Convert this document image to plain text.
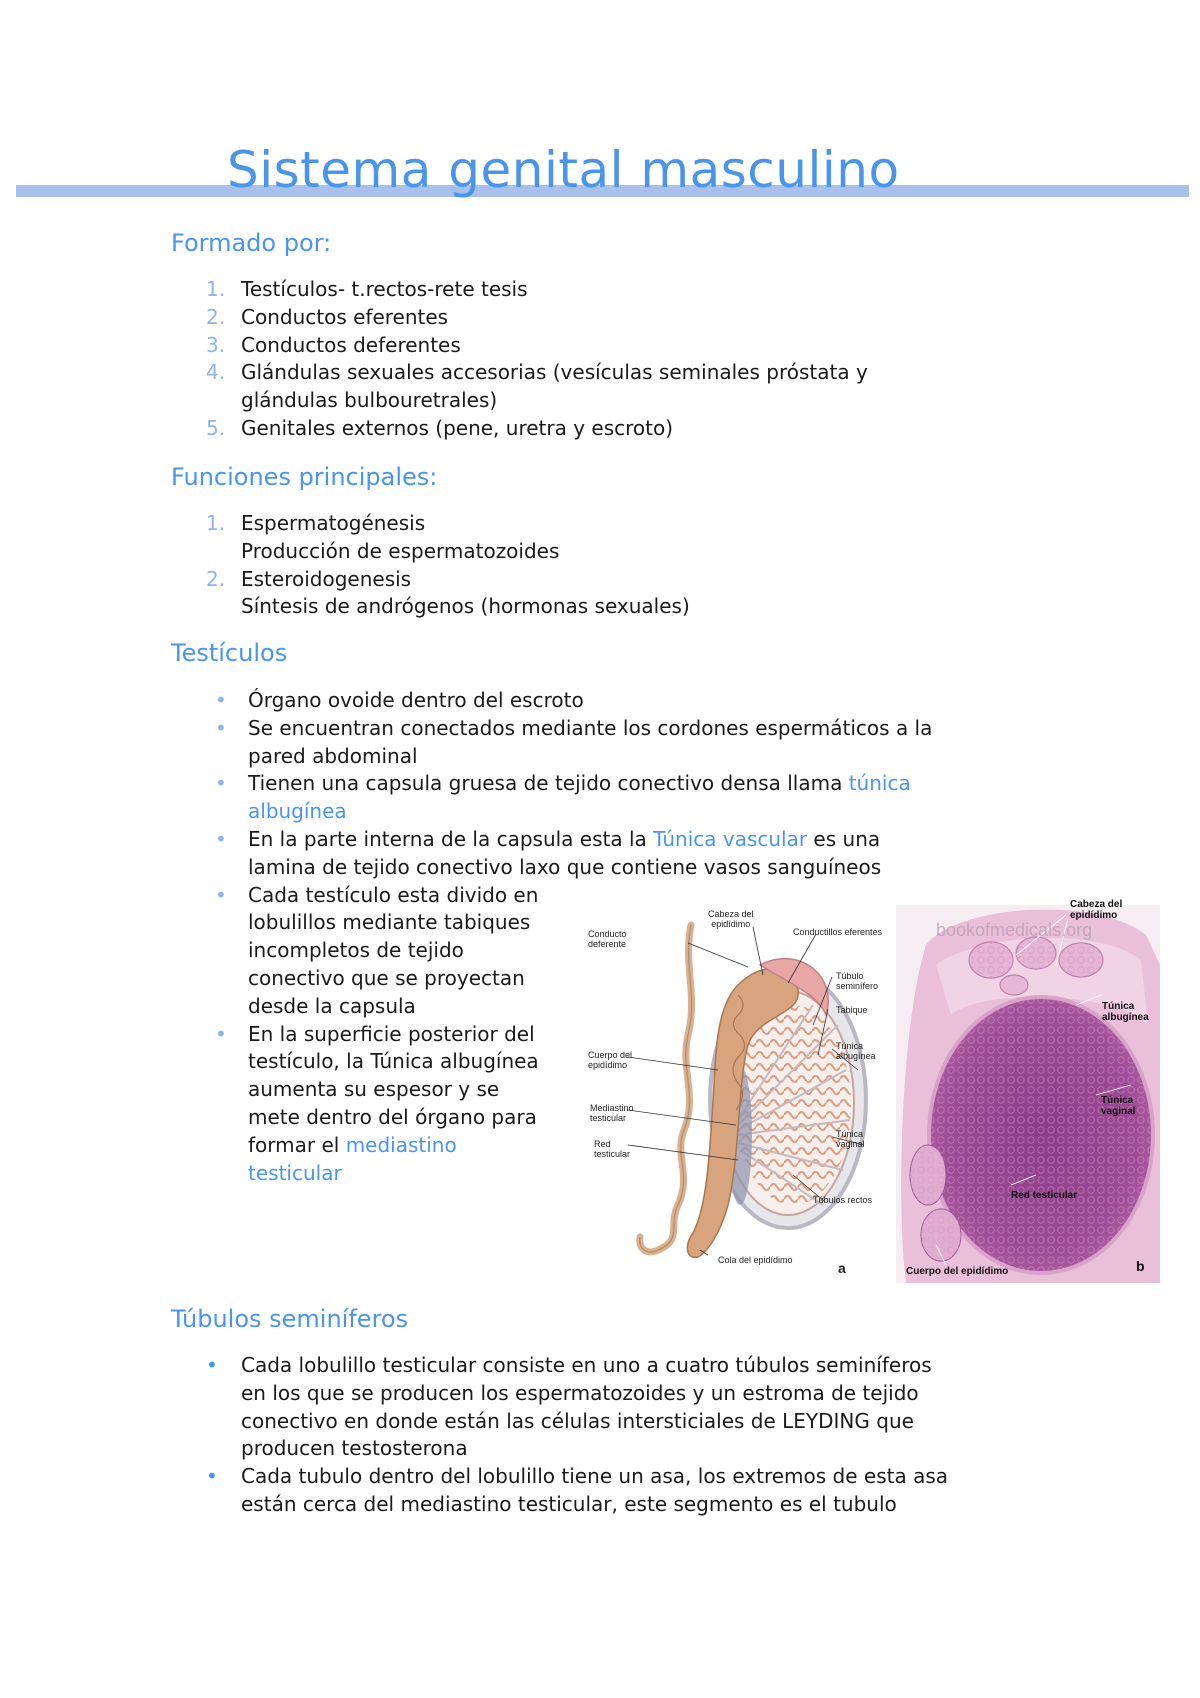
Sistema genital masculino
Formado por:
1. Testículos- t.rectos-rete tesis
2. Conductos eferentes
3. Conductos deferentes
4. Glándulas sexuales accesorias (vesículas seminales próstata y
glándulas bulbouretrales)
5. Genitales externos (pene, uretra y escroto)
Funciones principales:
1. Espermatogénesis
Producción de espermatozoides
2. Esteroidogenesis
Síntesis de andrógenos (hormonas sexuales)
Testículos
• Órgano ovoide dentro del escroto
• Se encuentran conectados mediante los cordones espermáticos a la
pared abdominal
• Tienen una capsula gruesa de tejido conectivo densa llama túnica
albugínea
• En la parte interna de la capsula esta la Túnica vascular es una
lamina de tejido conectivo laxo que contiene vasos sanguíneos
• Cada testículo esta divido en
lobulillos mediante tabiques
incompletos de tejido
conectivo que se proyectan
desde la capsula
• En la superficie posterior del
testículo, la Túnica albugínea
aumenta su espesor y se
mete dentro del órgano para
formar el mediastino
testicular
Cabeza del
epidídimo
Conductillos eferentes
Conducto
deferente
Túbulo
seminífero
Tabique
Cuerpo del
epidídimo
Túnica
albugínea
Mediastino
testicular
Red
testicular
Túnica
vaginal
Túbulos rectos
Cola del epidídimo	a
bookofmedicals.org
Cabeza del
epidídimo
Túnica
albugínea
Túnica
vaginal
Red testicular
Cuerpo del epidídimo	b
Túbulos seminíferos
• Cada lobulillo testicular consiste en uno a cuatro túbulos seminíferos
en los que se producen los espermatozoides y un estroma de tejido
conectivo en donde están las células intersticiales de LEYDING que
producen testosterona
• Cada tubulo dentro del lobulillo tiene un asa, los extremos de esta asa
están cerca del mediastino testicular, este segmento es el tubulo
